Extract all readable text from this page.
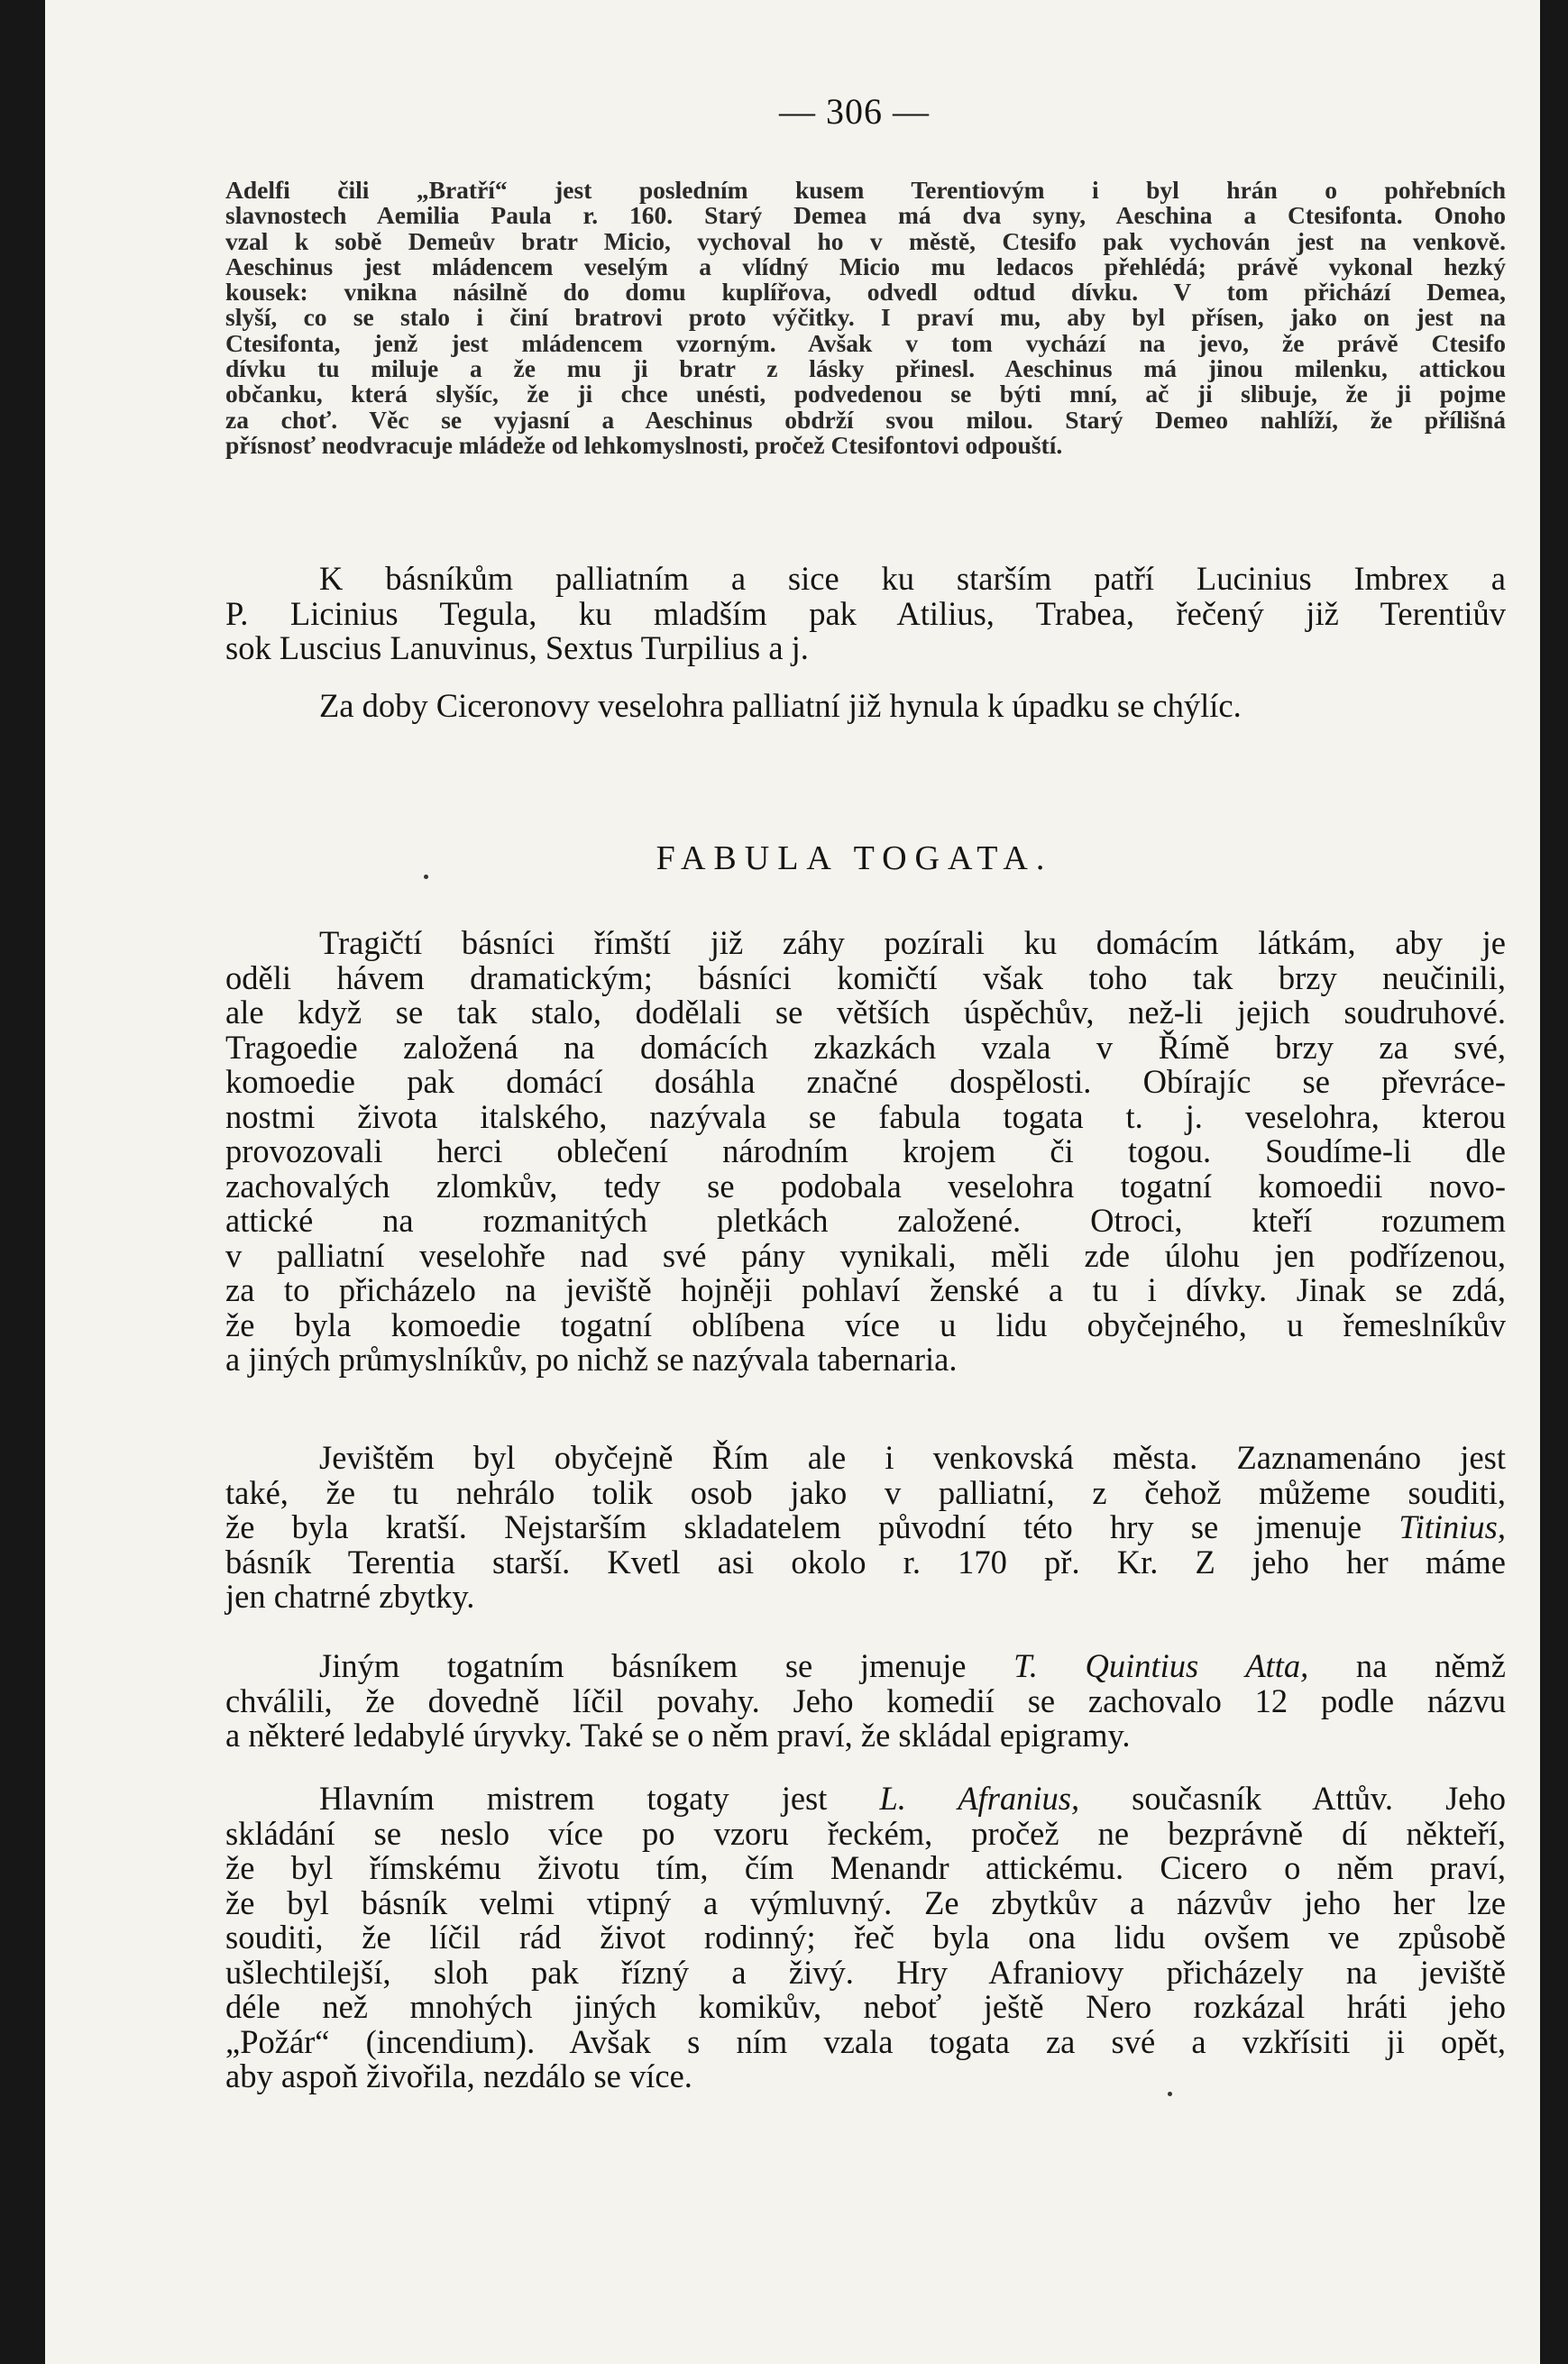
— 306 —
Adelfi čili „Bratří“ jest posledním kusem Terentiovým i byl hrán o pohřebních
slavnostech Aemilia Paula r. 160. Starý Demea má dva syny, Aeschina a Ctesifonta. Onoho
vzal k sobě Demeův bratr Micio, vychoval ho v městě, Ctesifo pak vychován jest na venkově.
Aeschinus jest mládencem veselým a vlídný Micio mu ledacos přehlédá; právě vykonal hezký
kousek: vnikna násilně do domu kuplířova, odvedl odtud dívku. V tom přichází Demea,
slyší, co se stalo i činí bratrovi proto výčitky. I praví mu, aby byl přísen, jako on jest na
Ctesifonta, jenž jest mládencem vzorným. Avšak v tom vychází na jevo, že právě Ctesifo
dívku tu miluje a že mu ji bratr z lásky přinesl. Aeschinus má jinou milenku, attickou
občanku, která slyšíc, že ji chce unésti, podvedenou se býti mní, ač ji slibuje, že ji pojme
za choť. Věc se vyjasní a Aeschinus obdrží svou milou. Starý Demeo nahlíží, že přílišná
přísnosť neodvracuje mládeže od lehkomyslnosti, pročež Ctesifontovi odpouští.
K básníkům palliatním a sice ku starším patří Lucinius Imbrex a
P. Licinius Tegula, ku mladším pak Atilius, Trabea, řečený již Terentiův
sok Luscius Lanuvinus, Sextus Turpilius a j.
Za doby Ciceronovy veselohra palliatní již hynula k úpadku se chýlíc.
FABULA TOGATA.
Tragičtí básníci římští již záhy pozírali ku domácím látkám, aby je
oděli hávem dramatickým; básníci komičtí však toho tak brzy neučinili,
ale když se tak stalo, dodělali se větších úspěchův, než-li jejich soudruhové.
Tragoedie založená na domácích zkazkách vzala v Římě brzy za své,
komoedie pak domácí dosáhla značné dospělosti. Obírajíc se převráce-
nostmi života italského, nazývala se fabula togata t. j. veselohra, kterou
provozovali herci oblečení národním krojem či togou. Soudíme-li dle
zachovalých zlomkův, tedy se podobala veselohra togatní komoedii novo-
attické na rozmanitých pletkách založené. Otroci, kteří rozumem
v palliatní veselohře nad své pány vynikali, měli zde úlohu jen podřízenou,
za to přicházelo na jeviště hojněji pohlaví ženské a tu i dívky. Jinak se zdá,
že byla komoedie togatní oblíbena více u lidu obyčejného, u řemeslníkův
a jiných průmyslníkův, po nichž se nazývala tabernaria.
Jevištěm byl obyčejně Řím ale i venkovská města. Zaznamenáno jest
také, že tu nehrálo tolik osob jako v palliatní, z čehož můžeme souditi,
že byla kratší. Nejstarším skladatelem původní této hry se jmenuje Titinius,
básník Terentia starší. Kvetl asi okolo r. 170 př. Kr. Z jeho her máme
jen chatrné zbytky.
Jiným togatním básníkem se jmenuje T. Quintius Atta, na němž
chválili, že dovedně líčil povahy. Jeho komedií se zachovalo 12 podle názvu
a některé ledabylé úryvky. Také se o něm praví, že skládal epigramy.
Hlavním mistrem togaty jest L. Afranius, současník Attův. Jeho
skládání se neslo více po vzoru řeckém, pročež ne bezprávně dí někteří,
že byl římskému životu tím, čím Menandr attickému. Cicero o něm praví,
že byl básník velmi vtipný a výmluvný. Ze zbytkův a názvův jeho her lze
souditi, že líčil rád život rodinný; řeč byla ona lidu ovšem ve způsobě
ušlechtilejší, sloh pak řízný a živý. Hry Afraniovy přicházely na jeviště
déle než mnohých jiných komikův, neboť ještě Nero rozkázal hráti jeho
„Požár“ (incendium). Avšak s ním vzala togata za své a vzkřísiti ji opět,
aby aspoň živořila, nezdálo se více.
